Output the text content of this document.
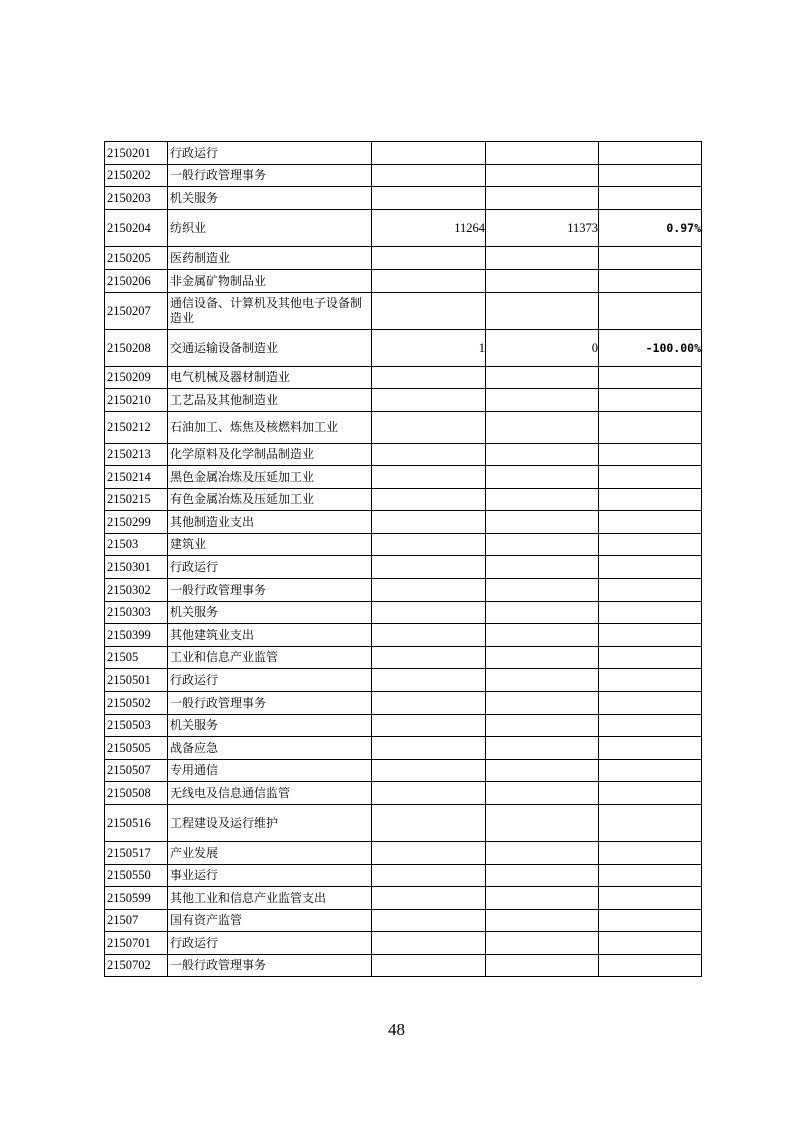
2150201	行政运行			
2150202	一般行政管理事务			
2150203	机关服务			
2150204	纺织业	11264	11373	0.97%
2150205	医药制造业			
2150206	非金属矿物制品业			
2150207	通信设备、计算机及其他电子设备制造业			
2150208	交通运输设备制造业	1	0	-100.00%
2150209	电气机械及器材制造业			
2150210	工艺品及其他制造业			
2150212	石油加工、炼焦及核燃料加工业			
2150213	化学原料及化学制品制造业			
2150214	黑色金属冶炼及压延加工业			
2150215	有色金属冶炼及压延加工业			
2150299	其他制造业支出			
21503	建筑业			
2150301	行政运行			
2150302	一般行政管理事务			
2150303	机关服务			
2150399	其他建筑业支出			
21505	工业和信息产业监管			
2150501	行政运行			
2150502	一般行政管理事务			
2150503	机关服务			
2150505	战备应急			
2150507	专用通信			
2150508	无线电及信息通信监管			
2150516	工程建设及运行维护			
2150517	产业发展			
2150550	事业运行			
2150599	其他工业和信息产业监管支出			
21507	国有资产监管			
2150701	行政运行			
2150702	一般行政管理事务			
48
